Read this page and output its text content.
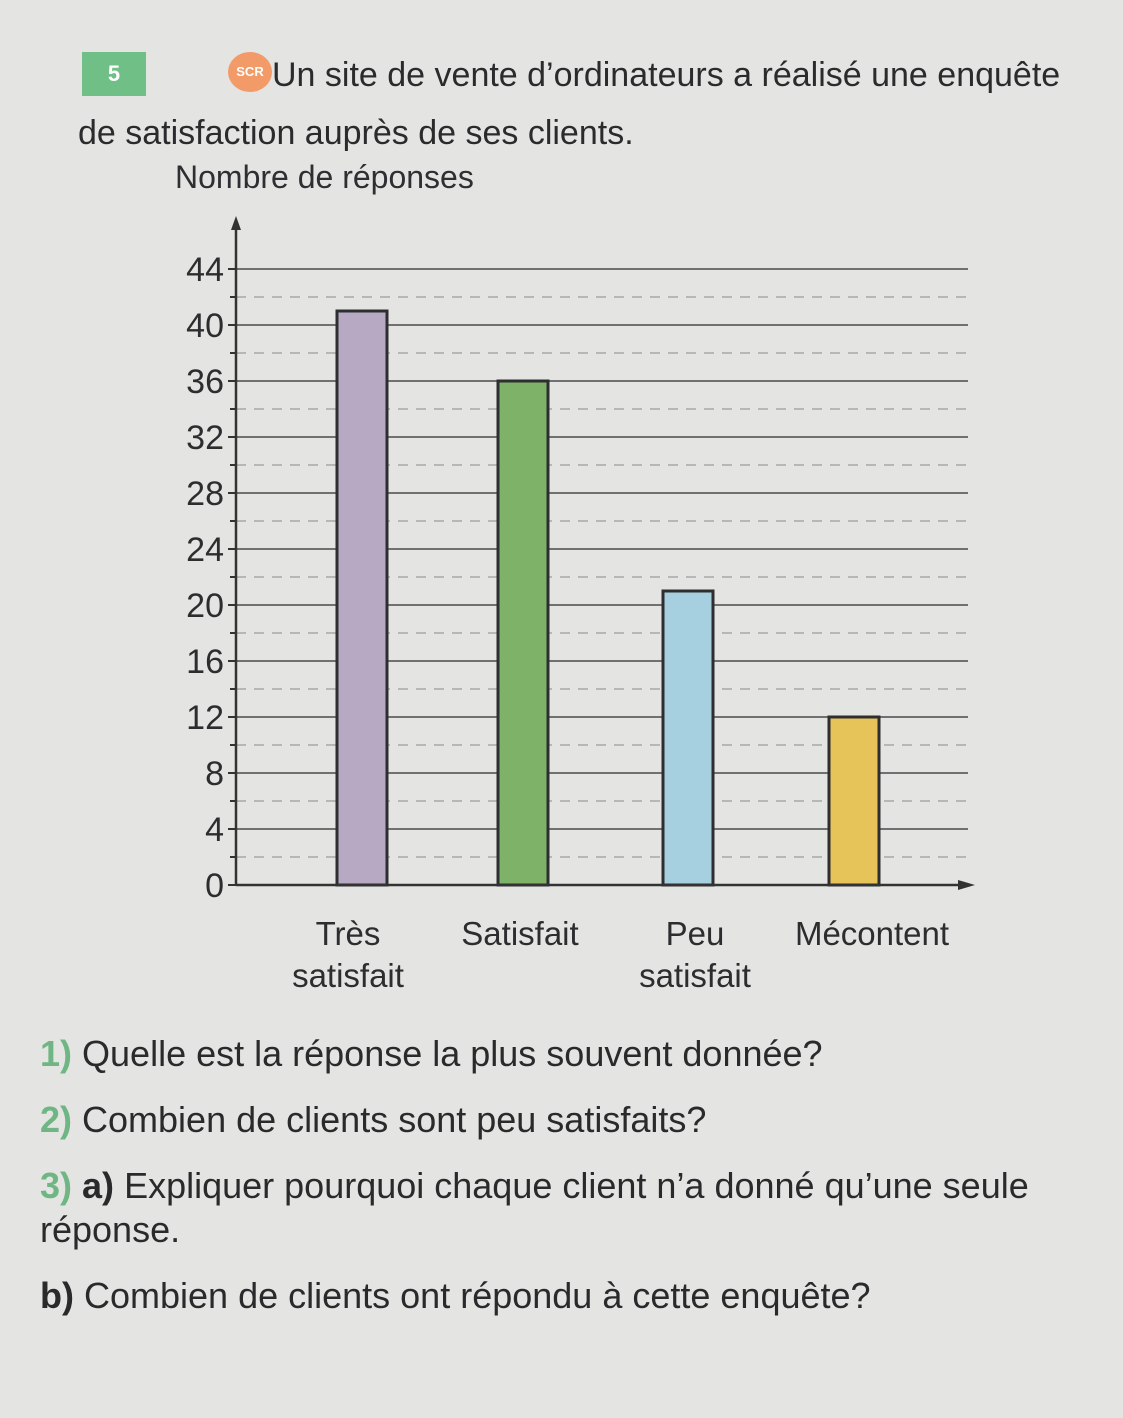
5	SCR Un site de vente d’ordinateurs a réalisé une enquête de satisfaction auprès de ses clients.
Nombre de réponses
0
4
8
12
16
20
24
28
32
36
40
44
Très satisfait
Satisfait	Peu satisfait
Mécontent

1) Quelle est la réponse la plus souvent donnée?

2) Combien de clients sont peu satisfaits?

3) a) Expliquer pourquoi chaque client n’a donné qu’une seule réponse.

b) Combien de clients ont répondu à cette enquête?
